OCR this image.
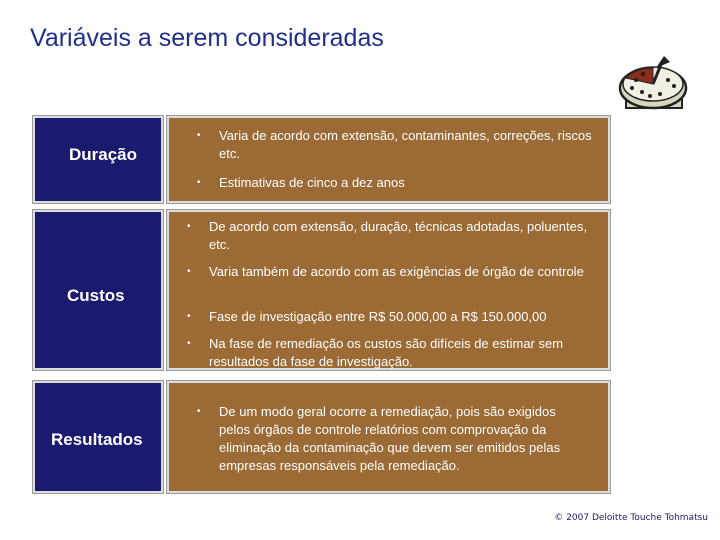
Variáveis a serem consideradas
Duração
• Varia de acordo com extensão, contaminantes, correções, riscos etc.
• Estimativas de cinco a dez anos
Custos
• De acordo com extensão, duração, técnicas adotadas, poluentes, etc.
• Varia também de acordo com as exigências de órgão de controle
• Fase de investigação entre R$ 50.000,00 a R$ 150.000,00
• Na fase de remediação os custos são difíceis de estimar sem resultados da fase de investigação.
Resultados
• De um modo geral ocorre a remediação, pois são exigidos pelos órgãos de controle relatórios com comprovação da eliminação da contaminação que devem ser emitidos pelas empresas responsáveis pela remediação.
© 2007 Deloitte Touche Tohmatsu
